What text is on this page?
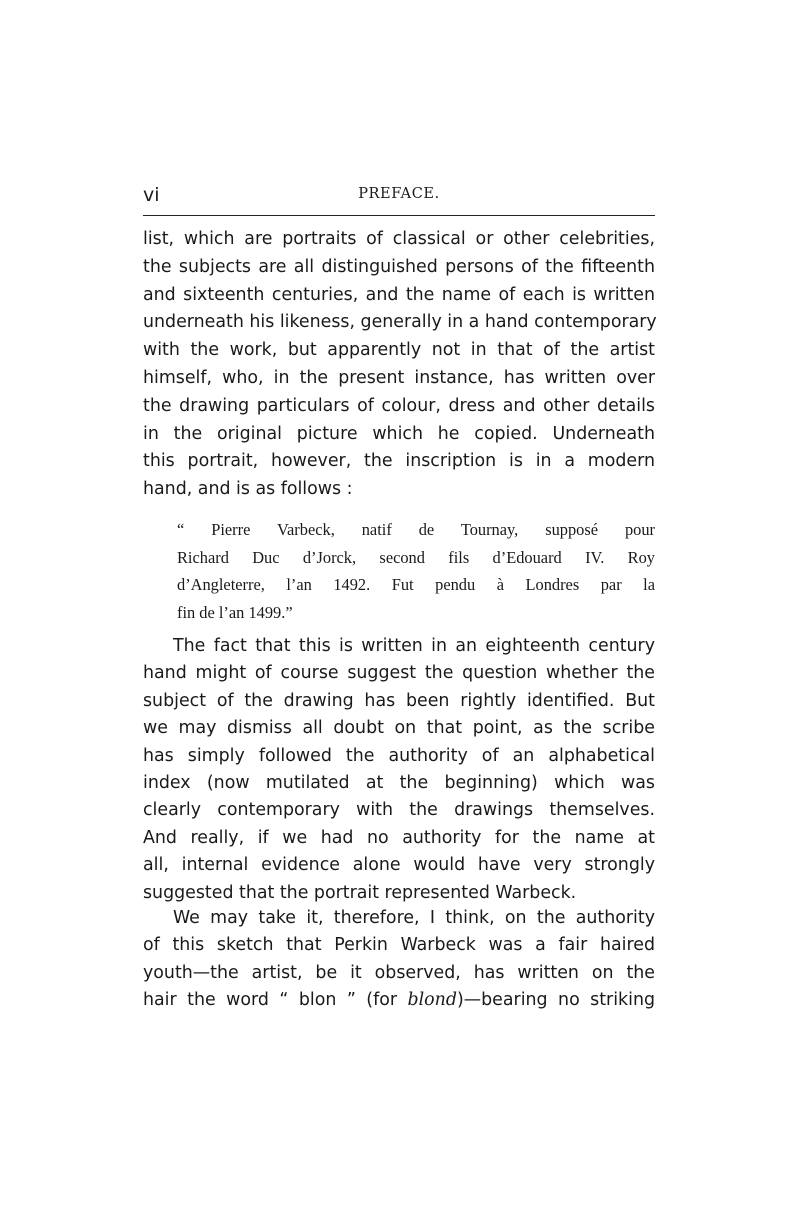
vi	PREFACE.
list, which are portraits of classical or other celebrities,
the subjects are all distinguished persons of the fifteenth
and sixteenth centuries, and the name of each is written
underneath his likeness, generally in a hand contemporary
with the work, but apparently not in that of the artist
himself, who, in the present instance, has written over
the drawing particulars of colour, dress and other details
in the original picture which he copied. Underneath
this portrait, however, the inscription is in a modern
hand, and is as follows :
“ Pierre Varbeck, natif de Tournay, supposé pour
Richard Duc d’Jorck, second fils d’Edouard IV. Roy
d’Angleterre, l’an 1492. Fut pendu à Londres par la
fin de l’an 1499.”
The fact that this is written in an eighteenth century
hand might of course suggest the question whether the
subject of the drawing has been rightly identified. But
we may dismiss all doubt on that point, as the scribe
has simply followed the authority of an alphabetical
index (now mutilated at the beginning) which was
clearly contemporary with the drawings themselves.
And really, if we had no authority for the name at
all, internal evidence alone would have very strongly
suggested that the portrait represented Warbeck.
We may take it, therefore, I think, on the authority
of this sketch that Perkin Warbeck was a fair haired
youth—the artist, be it observed, has written on the
hair the word “ blon ” (for blond)—bearing no striking
